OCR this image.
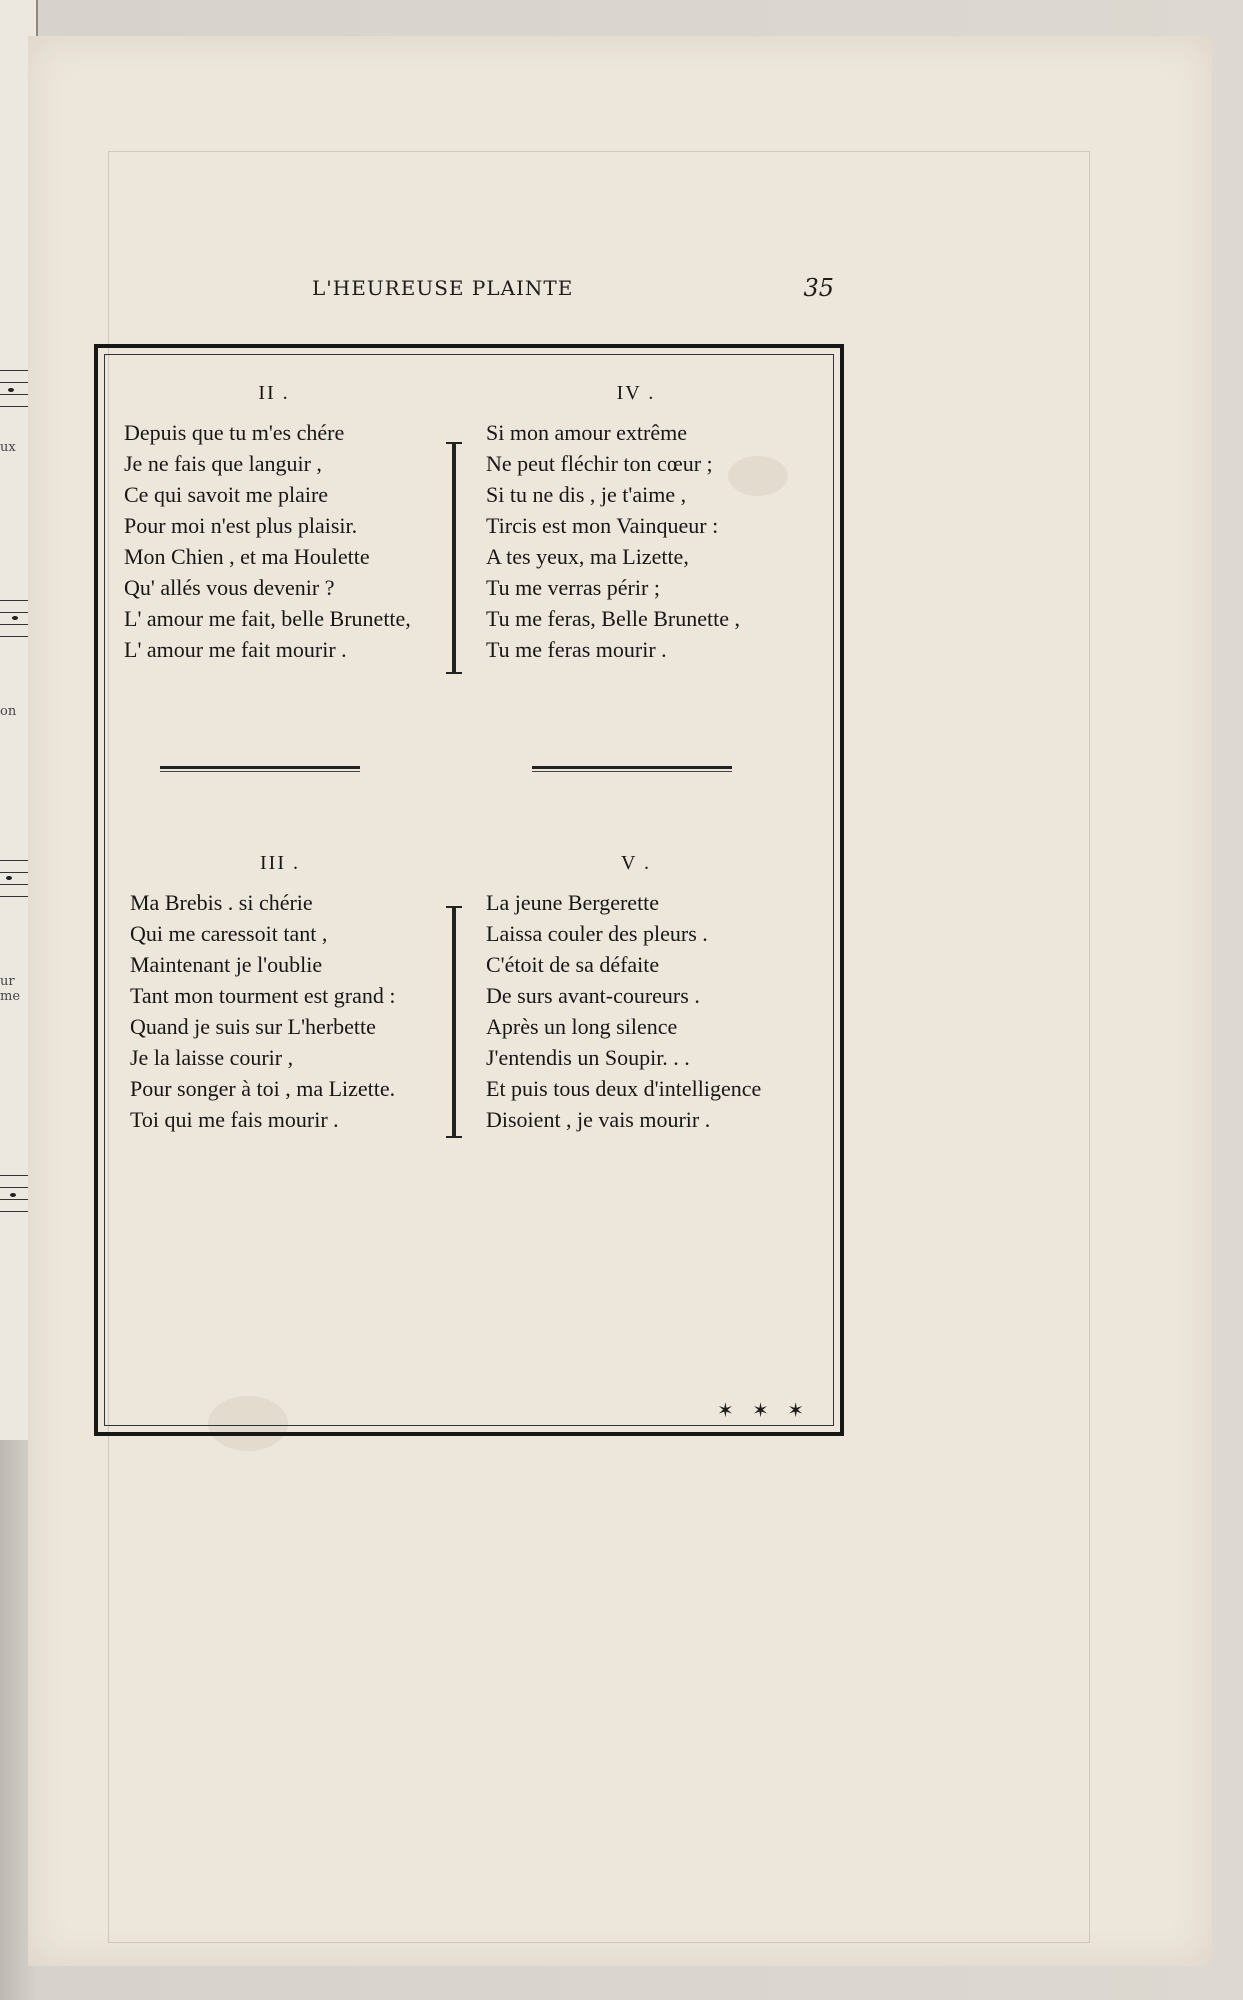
ux
on
ur me
L'HEUREUSE PLAINTE	35
II .
Depuis que tu m'es chére
Je ne fais que languir ,
Ce qui savoit me plaire
Pour moi n'est plus plaisir.
Mon Chien , et ma Houlette
Qu' allés vous devenir ?
L' amour me fait, belle Brunette,
L' amour me fait mourir .
IV .
Si mon amour extrême
Ne peut fléchir ton cœur ;
Si tu ne dis , je t'aime ,
Tircis est mon Vainqueur :
A tes yeux, ma Lizette,
Tu me verras périr ;
Tu me feras, Belle Brunette ,
Tu me feras mourir .
III .
Ma Brebis . si chérie
Qui me caressoit tant ,
Maintenant je l'oublie
Tant mon tourment est grand :
Quand je suis sur L'herbette
Je la laisse courir ,
Pour songer à toi , ma Lizette.
Toi qui me fais mourir .
V .
La jeune Bergerette
Laissa couler des pleurs .
C'étoit de sa défaite
De surs avant-coureurs .
Après un long silence
J'entendis un Soupir. . .
Et puis tous deux d'intelligence
Disoient , je vais mourir .
✶ ✶ ✶
